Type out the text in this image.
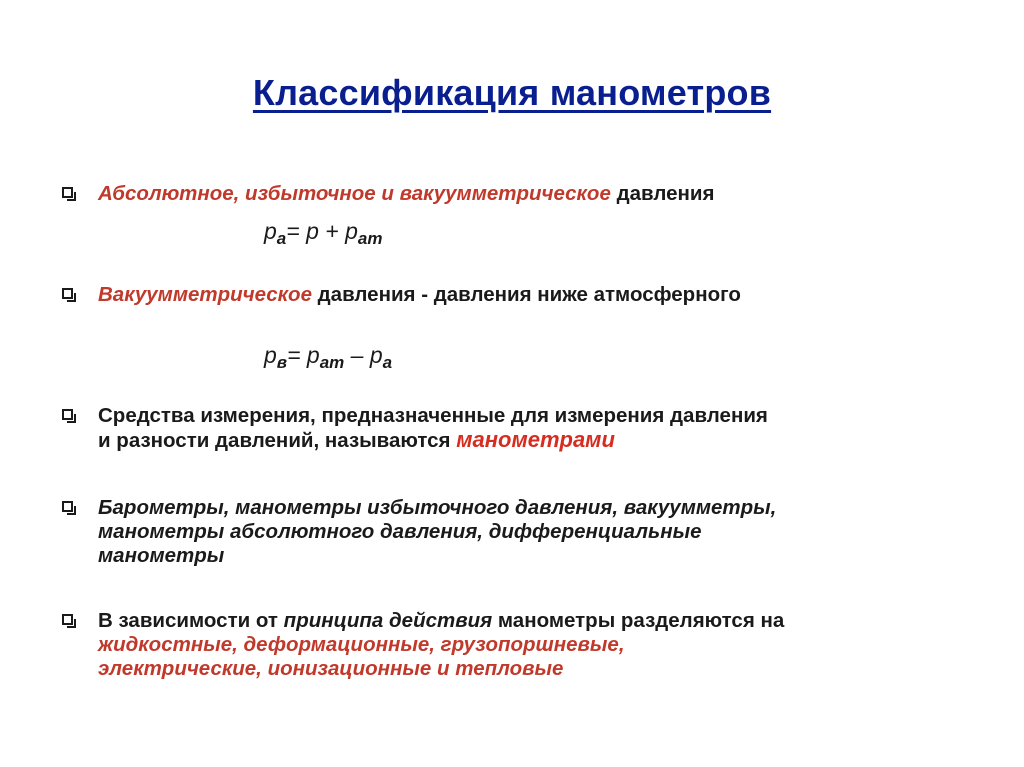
Классификация манометров
Абсолютное, избыточное и вакуумметрическое давления
$p_a= p + p_{am}$
Вакуумметрическое давления - давления ниже атмосферного
$p_в= p_{am} - p_a$
Средства измерения, предназначенные для измерения давления
и разности давлений, называются манометрами
Барометры, манометры избыточного давления, вакуумметры,
манометры абсолютного давления, дифференциальные
манометры
В зависимости от принципа действия манометры разделяются на
жидкостные, деформационные, грузопоршневые,
электрические, ионизационные и тепловые
